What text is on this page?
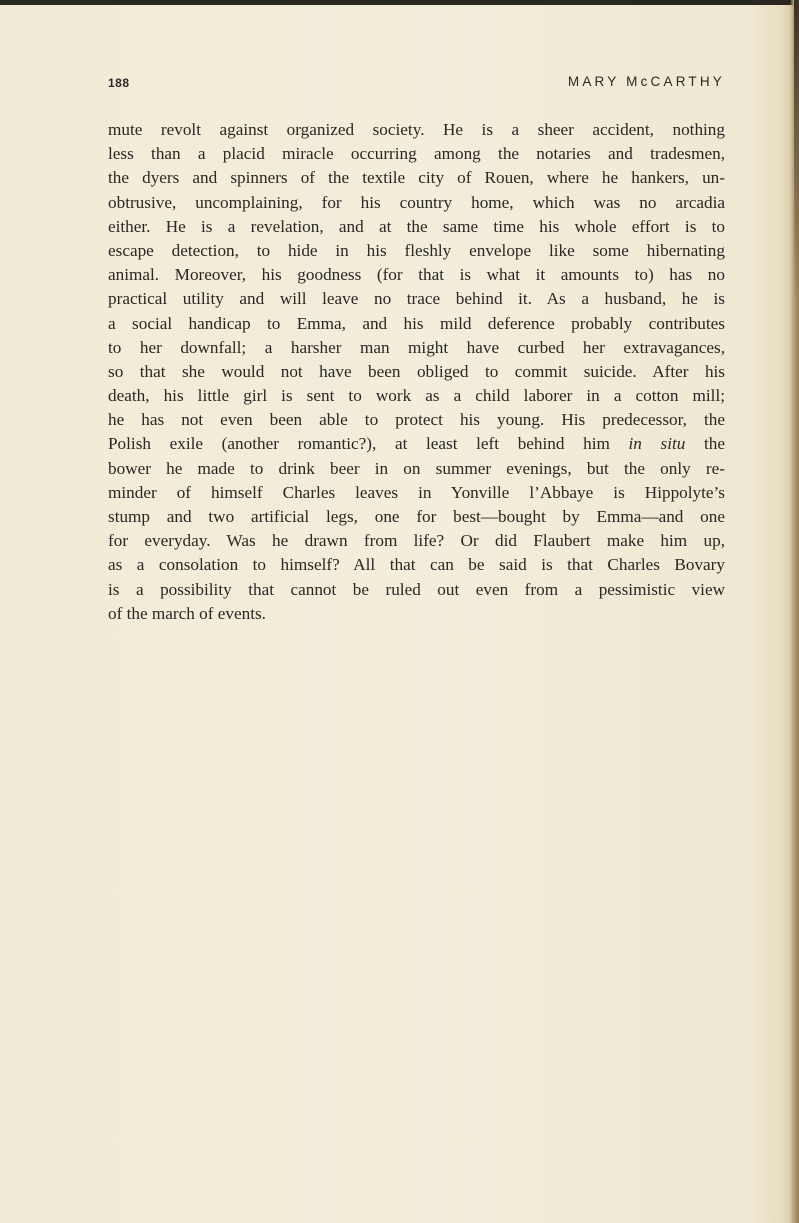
188	MARY McCARTHY
mute revolt against organized society. He is a sheer accident, nothing
less than a placid miracle occurring among the notaries and tradesmen,
the dyers and spinners of the textile city of Rouen, where he hankers, un-
obtrusive, uncomplaining, for his country home, which was no arcadia
either. He is a revelation, and at the same time his whole effort is to
escape detection, to hide in his fleshly envelope like some hibernating
animal. Moreover, his goodness (for that is what it amounts to) has no
practical utility and will leave no trace behind it. As a husband, he is
a social handicap to Emma, and his mild deference probably contributes
to her downfall; a harsher man might have curbed her extravagances,
so that she would not have been obliged to commit suicide. After his
death, his little girl is sent to work as a child laborer in a cotton mill;
he has not even been able to protect his young. His predecessor, the
Polish exile (another romantic?), at least left behind him in situ the
bower he made to drink beer in on summer evenings, but the only re-
minder of himself Charles leaves in Yonville l’Abbaye is Hippolyte’s
stump and two artificial legs, one for best—bought by Emma—and one
for everyday. Was he drawn from life? Or did Flaubert make him up,
as a consolation to himself? All that can be said is that Charles Bovary
is a possibility that cannot be ruled out even from a pessimistic view
of the march of events.
